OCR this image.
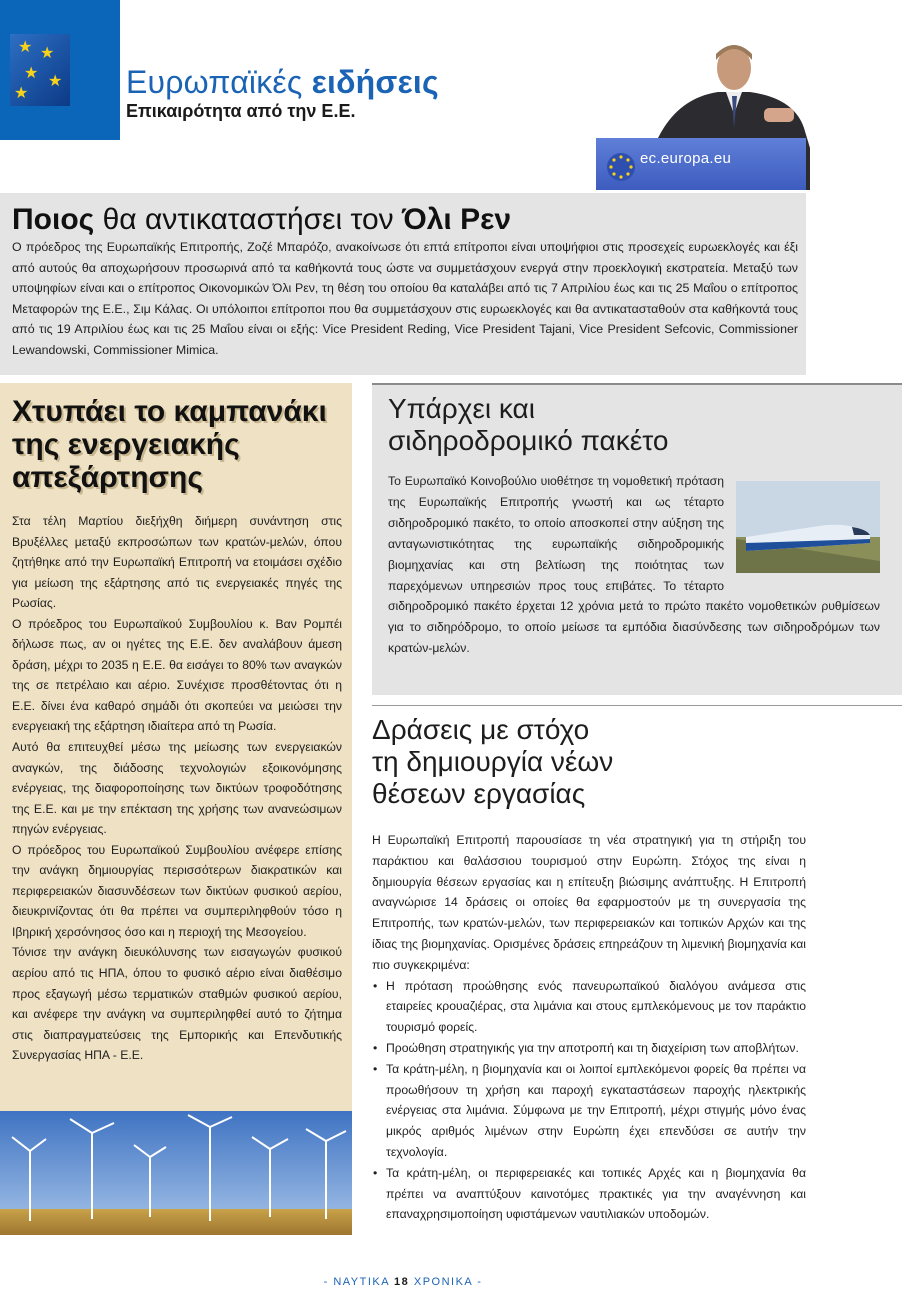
★ ★
★ ★
★	Ευρωπαϊκές ειδήσεις
Επικαιρότητα από την Ε.Ε.
ec.europa.eu
Ποιος θα αντικαταστήσει τον Όλι Ρεν

Ο πρόεδρος της Ευρωπαϊκής Επιτροπής, Ζοζέ Μπαρόζο, ανακοίνωσε ότι επτά επίτροποι είναι υποψήφιοι στις προσεχείς ευρωεκλογές και έξι από αυτούς θα αποχωρήσουν προσωρινά από τα καθήκοντά τους ώστε να συμμετάσχουν ενεργά στην προεκλογική εκστρατεία. Μεταξύ των υποψηφίων είναι και ο επίτροπος Οικονομικών Όλι Ρεν, τη θέση του οποίου θα καταλάβει από τις 7 Απριλίου έως και τις 25 Μαΐου ο επίτροπος Μεταφορών της Ε.Ε., Σιμ Κάλας. Οι υπόλοιποι επίτροποι που θα συμμετάσχουν στις ευρωεκλογές και θα αντικατασταθούν στα καθήκοντά τους από τις 19 Απριλίου έως και τις 25 Μαΐου είναι οι εξής: Vice President Reding, Vice President Tajani, Vice President Sefcovic, Commissioner Lewandowski, Commissioner Mimica.

Χτυπάει το καμπανάκι της ενεργειακής απεξάρτησης

Στα τέλη Μαρτίου διεξήχθη διήμερη συνάντηση στις Βρυξέλλες μεταξύ εκπροσώπων των κρατών-μελών, όπου ζητήθηκε από την Ευρωπαϊκή Επιτροπή να ετοιμάσει σχέδιο για μείωση της εξάρτησης από τις ενεργειακές πηγές της Ρωσίας.

Ο πρόεδρος του Ευρωπαϊκού Συμβουλίου κ. Βαν Ρομπέι δήλωσε πως, αν οι ηγέτες της Ε.Ε. δεν αναλάβουν άμεση δράση, μέχρι το 2035 η Ε.Ε. θα εισάγει το 80% των αναγκών της σε πετρέλαιο και αέριο. Συνέχισε προσθέτοντας ότι η Ε.Ε. δίνει ένα καθαρό σημάδι ότι σκοπεύει να μειώσει την ενεργειακή της εξάρτηση ιδιαίτερα από τη Ρωσία.

Αυτό θα επιτευχθεί μέσω της μείωσης των ενεργειακών αναγκών, της διάδοσης τεχνολογιών εξοικονόμησης ενέργειας, της διαφοροποίησης των δικτύων τροφοδότησης της Ε.Ε. και με την επέκταση της χρήσης των ανανεώσιμων πηγών ενέργειας.

Ο πρόεδρος του Ευρωπαϊκού Συμβουλίου ανέφερε επίσης την ανάγκη δημιουργίας περισσότερων διακρατικών και περιφερειακών διασυνδέσεων των δικτύων φυσικού αερίου, διευκρινίζοντας ότι θα πρέπει να συμπεριληφθούν τόσο η Ιβηρική χερσόνησος όσο και η περιοχή της Μεσογείου.

Τόνισε την ανάγκη διευκόλυνσης των εισαγωγών φυσικού αερίου από τις ΗΠΑ, όπου το φυσικό αέριο είναι διαθέσιμο προς εξαγωγή μέσω τερματικών σταθμών φυσικού αερίου, και ανέφερε την ανάγκη να συμπεριληφθεί αυτό το ζήτημα στις διαπραγματεύσεις της Εμπορικής και Επενδυτικής Συνεργασίας ΗΠΑ - Ε.Ε.

Υπάρχει και
σιδηροδρομικό πακέτο

Το Ευρωπαϊκό Κοινοβούλιο υιοθέτησε τη νομοθετική πρόταση της Ευρωπαϊκής Επιτροπής γνωστή και ως τέταρτο σιδηροδρομικό πακέτο, το οποίο αποσκοπεί στην αύξηση της ανταγωνιστικότητας της ευρωπαϊκής σιδηροδρομικής βιομηχανίας και στη βελτίωση της ποιότητας των παρεχόμενων υπηρεσιών προς τους επιβάτες. Το τέταρτο σιδηροδρομικό πακέτο έρχεται 12 χρόνια μετά το πρώτο πακέτο νομοθετικών ρυθμίσεων για το σιδηρόδρομο, το οποίο μείωσε τα εμπόδια διασύνδεσης των σιδηροδρόμων των κρατών-μελών.

Δράσεις με στόχο
τη δημιουργία νέων
θέσεων εργασίας

Η Ευρωπαϊκή Επιτροπή παρουσίασε τη νέα στρατηγική για τη στήριξη του παράκτιου και θαλάσσιου τουρισμού στην Ευρώπη. Στόχος της είναι η δημιουργία θέσεων εργασίας και η επίτευξη βιώσιμης ανάπτυξης. Η Επιτροπή αναγνώρισε 14 δράσεις οι οποίες θα εφαρμοστούν με τη συνεργασία της Επιτροπής, των κρατών-μελών, των περιφερειακών και τοπικών Αρχών και της ίδιας της βιομηχανίας. Ορισμένες δράσεις επηρεάζουν τη λιμενική βιομηχανία και πιο συγκεκριμένα:

• Η πρόταση προώθησης ενός πανευρωπαϊκού διαλόγου ανάμεσα στις εταιρείες κρουαζιέρας, στα λιμάνια και στους εμπλεκόμενους με τον παράκτιο τουρισμό φορείς.
• Προώθηση στρατηγικής για την αποτροπή και τη διαχείριση των αποβλήτων.
• Τα κράτη-μέλη, η βιομηχανία και οι λοιποί εμπλεκόμενοι φορείς θα πρέπει να προωθήσουν τη χρήση και παροχή εγκαταστάσεων παροχής ηλεκτρικής ενέργειας στα λιμάνια. Σύμφωνα με την Επιτροπή, μέχρι στιγμής μόνο ένας μικρός αριθμός λιμένων στην Ευρώπη έχει επενδύσει σε αυτήν την τεχνολογία.
• Τα κράτη-μέλη, οι περιφερειακές και τοπικές Αρχές και η βιομηχανία θα πρέπει να αναπτύξουν καινοτόμες πρακτικές για την αναγέννηση και επαναχρησιμοποίηση υφιστάμενων ναυτιλιακών υποδομών.
- ΝΑΥΤΙΚΑ 18 ΧΡΟΝΙΚΑ -
